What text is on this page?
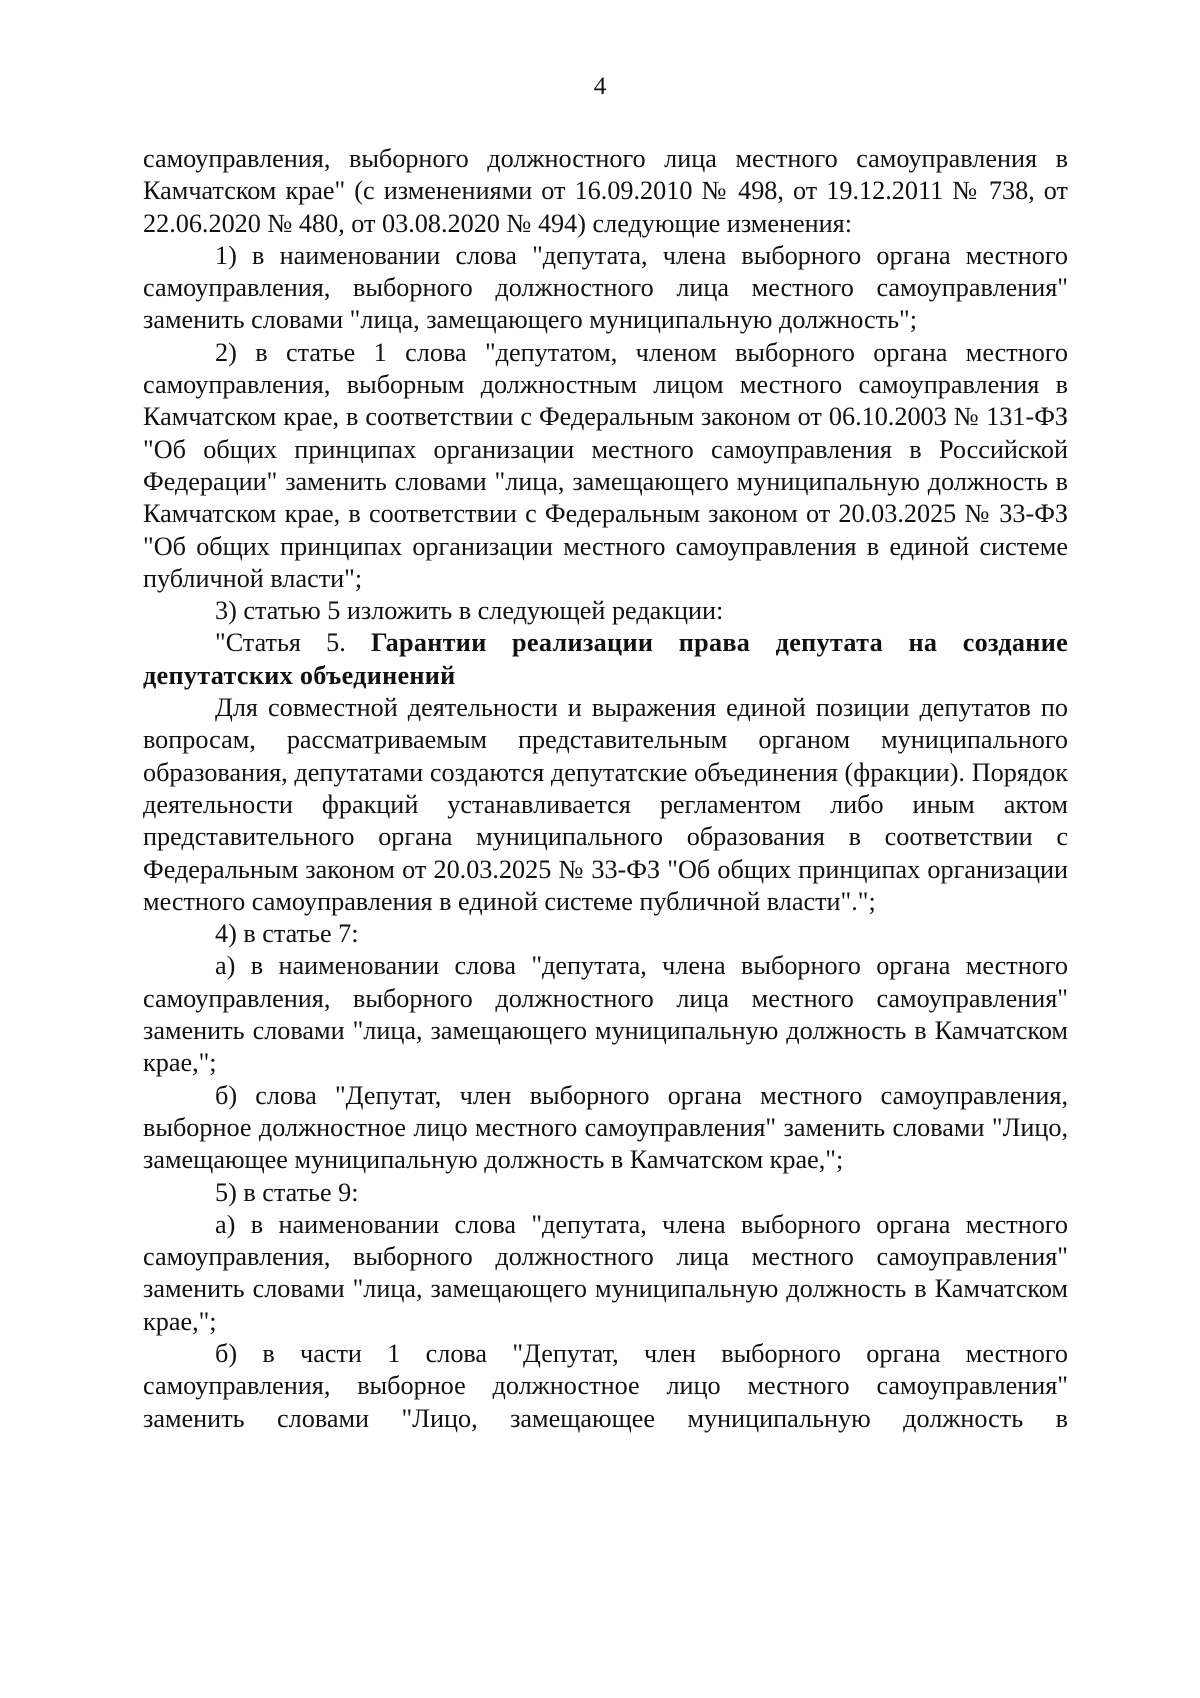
4

самоуправления, выборного должностного лица местного самоуправления в Камчатском крае" (с изменениями от 16.09.2010 № 498, от 19.12.2011 № 738, от 22.06.2020 № 480, от 03.08.2020 № 494) следующие изменения:

1) в наименовании слова "депутата, члена выборного органа местного самоуправления, выборного должностного лица местного самоуправления" заменить словами "лица, замещающего муниципальную должность";

2) в статье 1 слова "депутатом, членом выборного органа местного самоуправления, выборным должностным лицом местного самоуправления в Камчатском крае, в соответствии с Федеральным законом от 06.10.2003 № 131-ФЗ "Об общих принципах организации местного самоуправления в Российской Федерации" заменить словами "лица, замещающего муниципальную должность в Камчатском крае, в соответствии с Федеральным законом от 20.03.2025 № 33-ФЗ "Об общих принципах организации местного самоуправления в единой системе публичной власти";

3) статью 5 изложить в следующей редакции:

"Статья 5. Гарантии реализации права депутата на создание депутатских объединений

Для совместной деятельности и выражения единой позиции депутатов по вопросам, рассматриваемым представительным органом муниципального образования, депутатами создаются депутатские объединения (фракции). Порядок деятельности фракций устанавливается регламентом либо иным актом представительного органа муниципального образования в соответствии с Федеральным законом от 20.03.2025 № 33-ФЗ "Об общих принципах организации местного самоуправления в единой системе публичной власти".";

4) в статье 7:

а) в наименовании слова "депутата, члена выборного органа местного самоуправления, выборного должностного лица местного самоуправления" заменить словами "лица, замещающего муниципальную должность в Камчатском крае,";

б) слова "Депутат, член выборного органа местного самоуправления, выборное должностное лицо местного самоуправления" заменить словами "Лицо, замещающее муниципальную должность в Камчатском крае,";

5) в статье 9:

а) в наименовании слова "депутата, члена выборного органа местного самоуправления, выборного должностного лица местного самоуправления" заменить словами "лица, замещающего муниципальную должность в Камчатском крае,";

б) в части 1 слова "Депутат, член выборного органа местного самоуправления, выборное должностное лицо местного самоуправления" заменить словами "Лицо, замещающее муниципальную должность в
